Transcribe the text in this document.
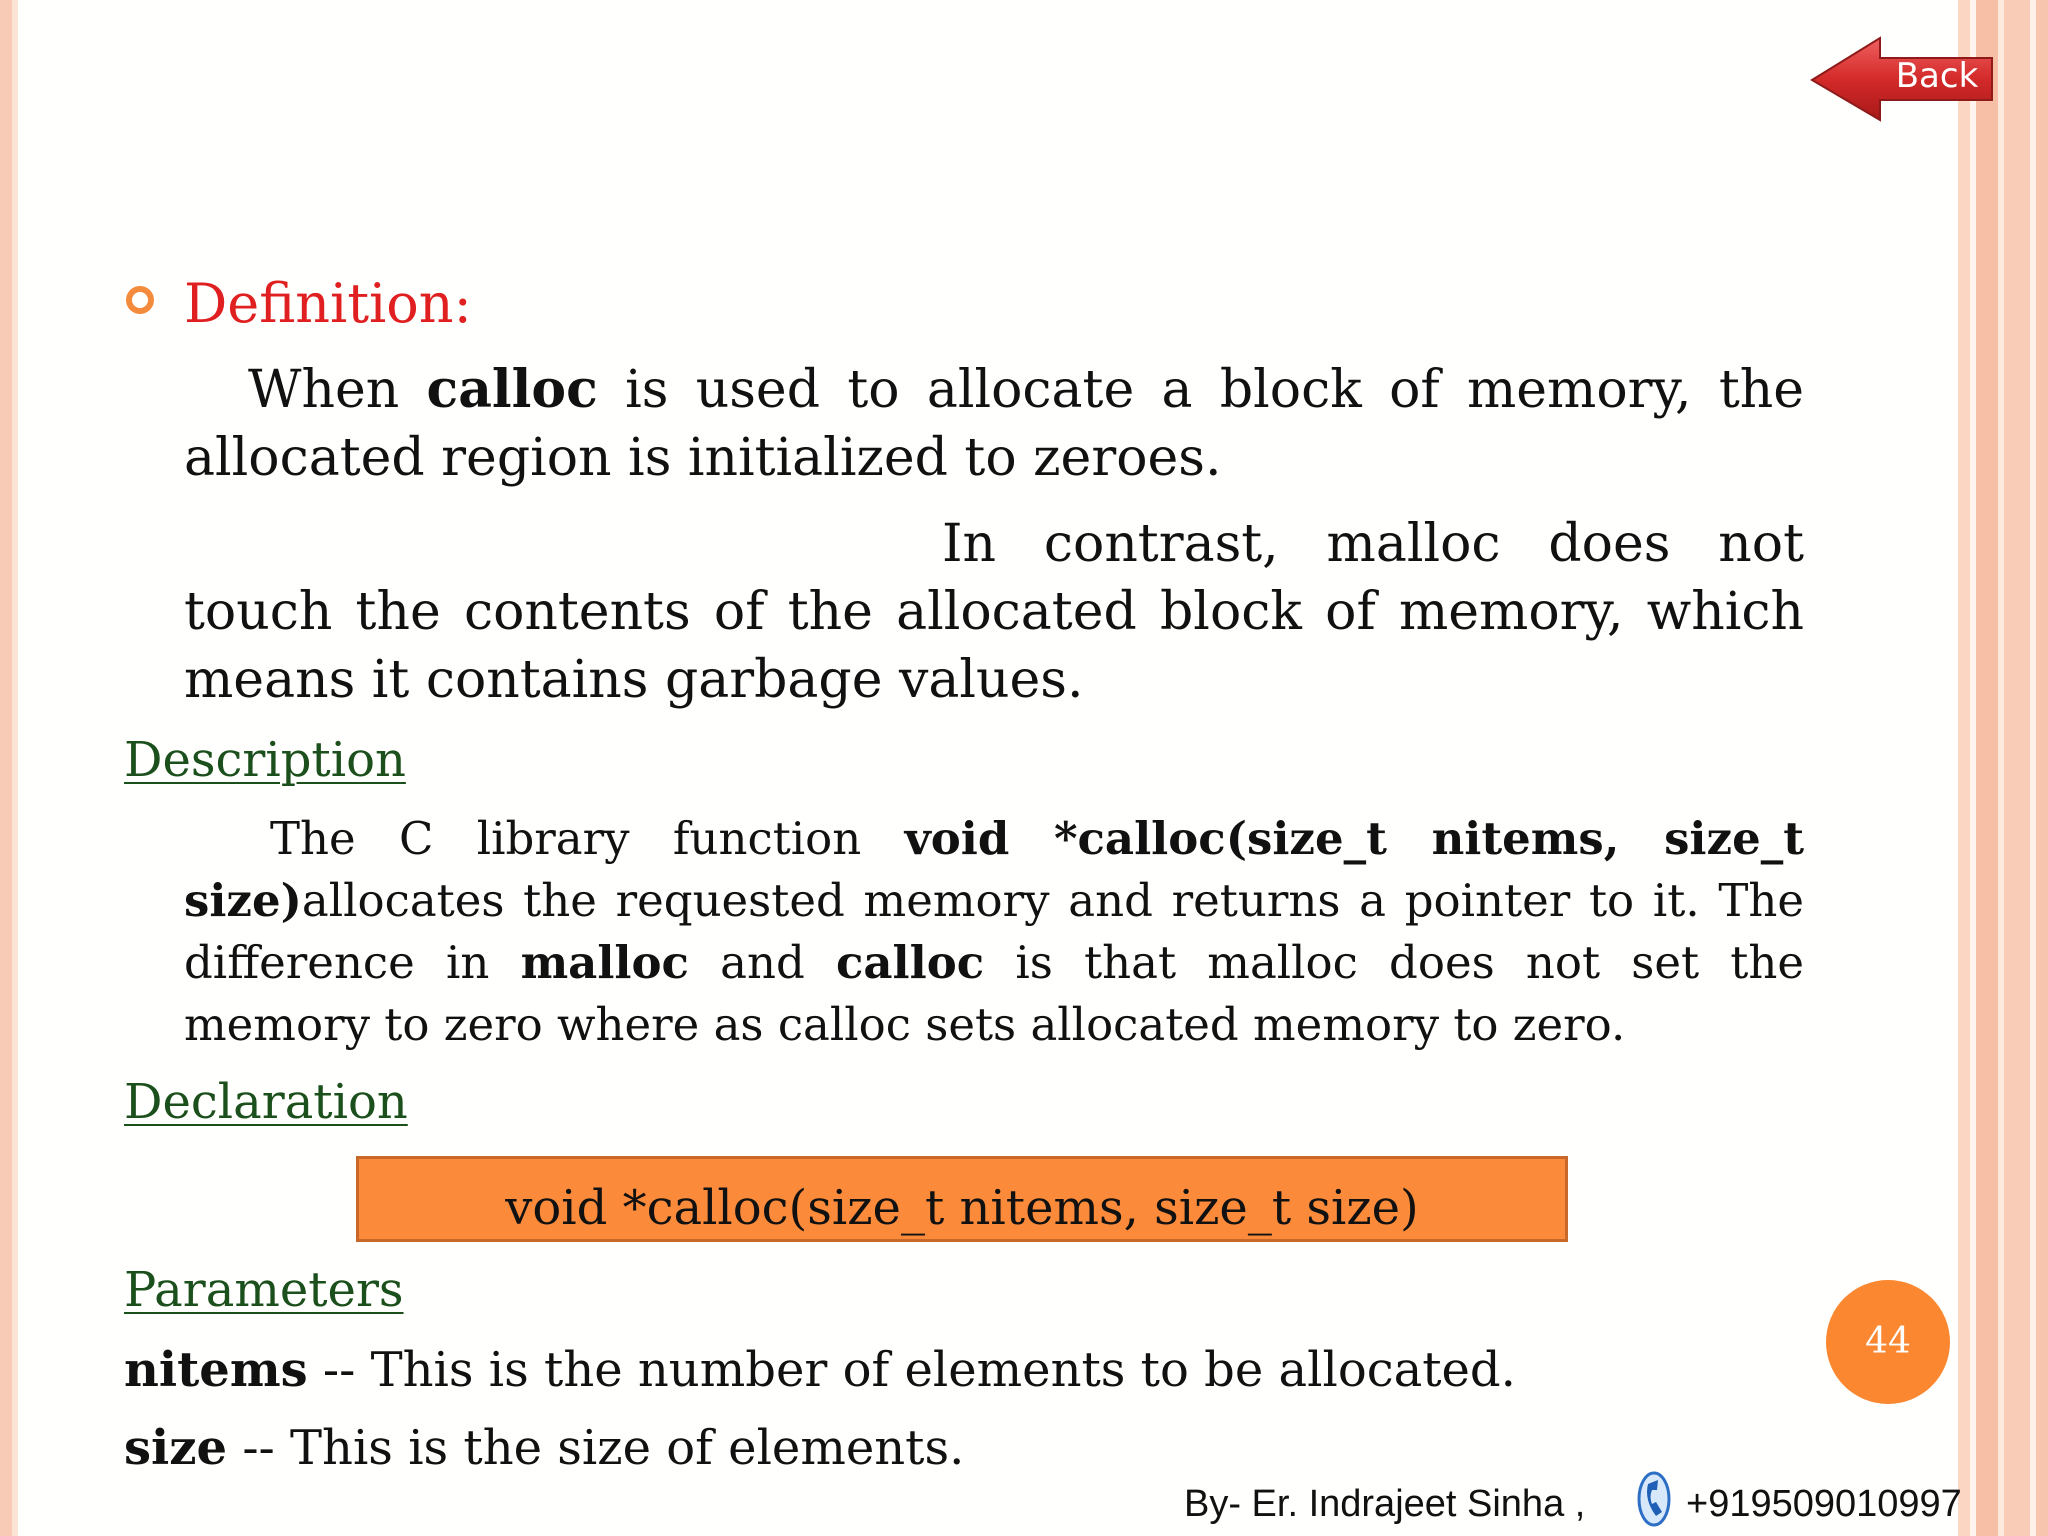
Back
Definition:
When calloc is used to allocate a block of memory, the allocated region is initialized to zeroes.
In contrast, malloc does not touch the contents of the allocated block of memory, which means it contains garbage values.
Description
The C library function void *calloc(size_t nitems, size_t size)allocates the requested memory and returns a pointer to it. The difference in malloc and calloc is that malloc does not set the memory to zero where as calloc sets allocated memory to zero.
Declaration
void *calloc(size_t nitems, size_t size)
Parameters
nitems -- This is the number of elements to be allocated.
size -- This is the size of elements.
44
By- Er. Indrajeet Sinha ,	+919509010997
